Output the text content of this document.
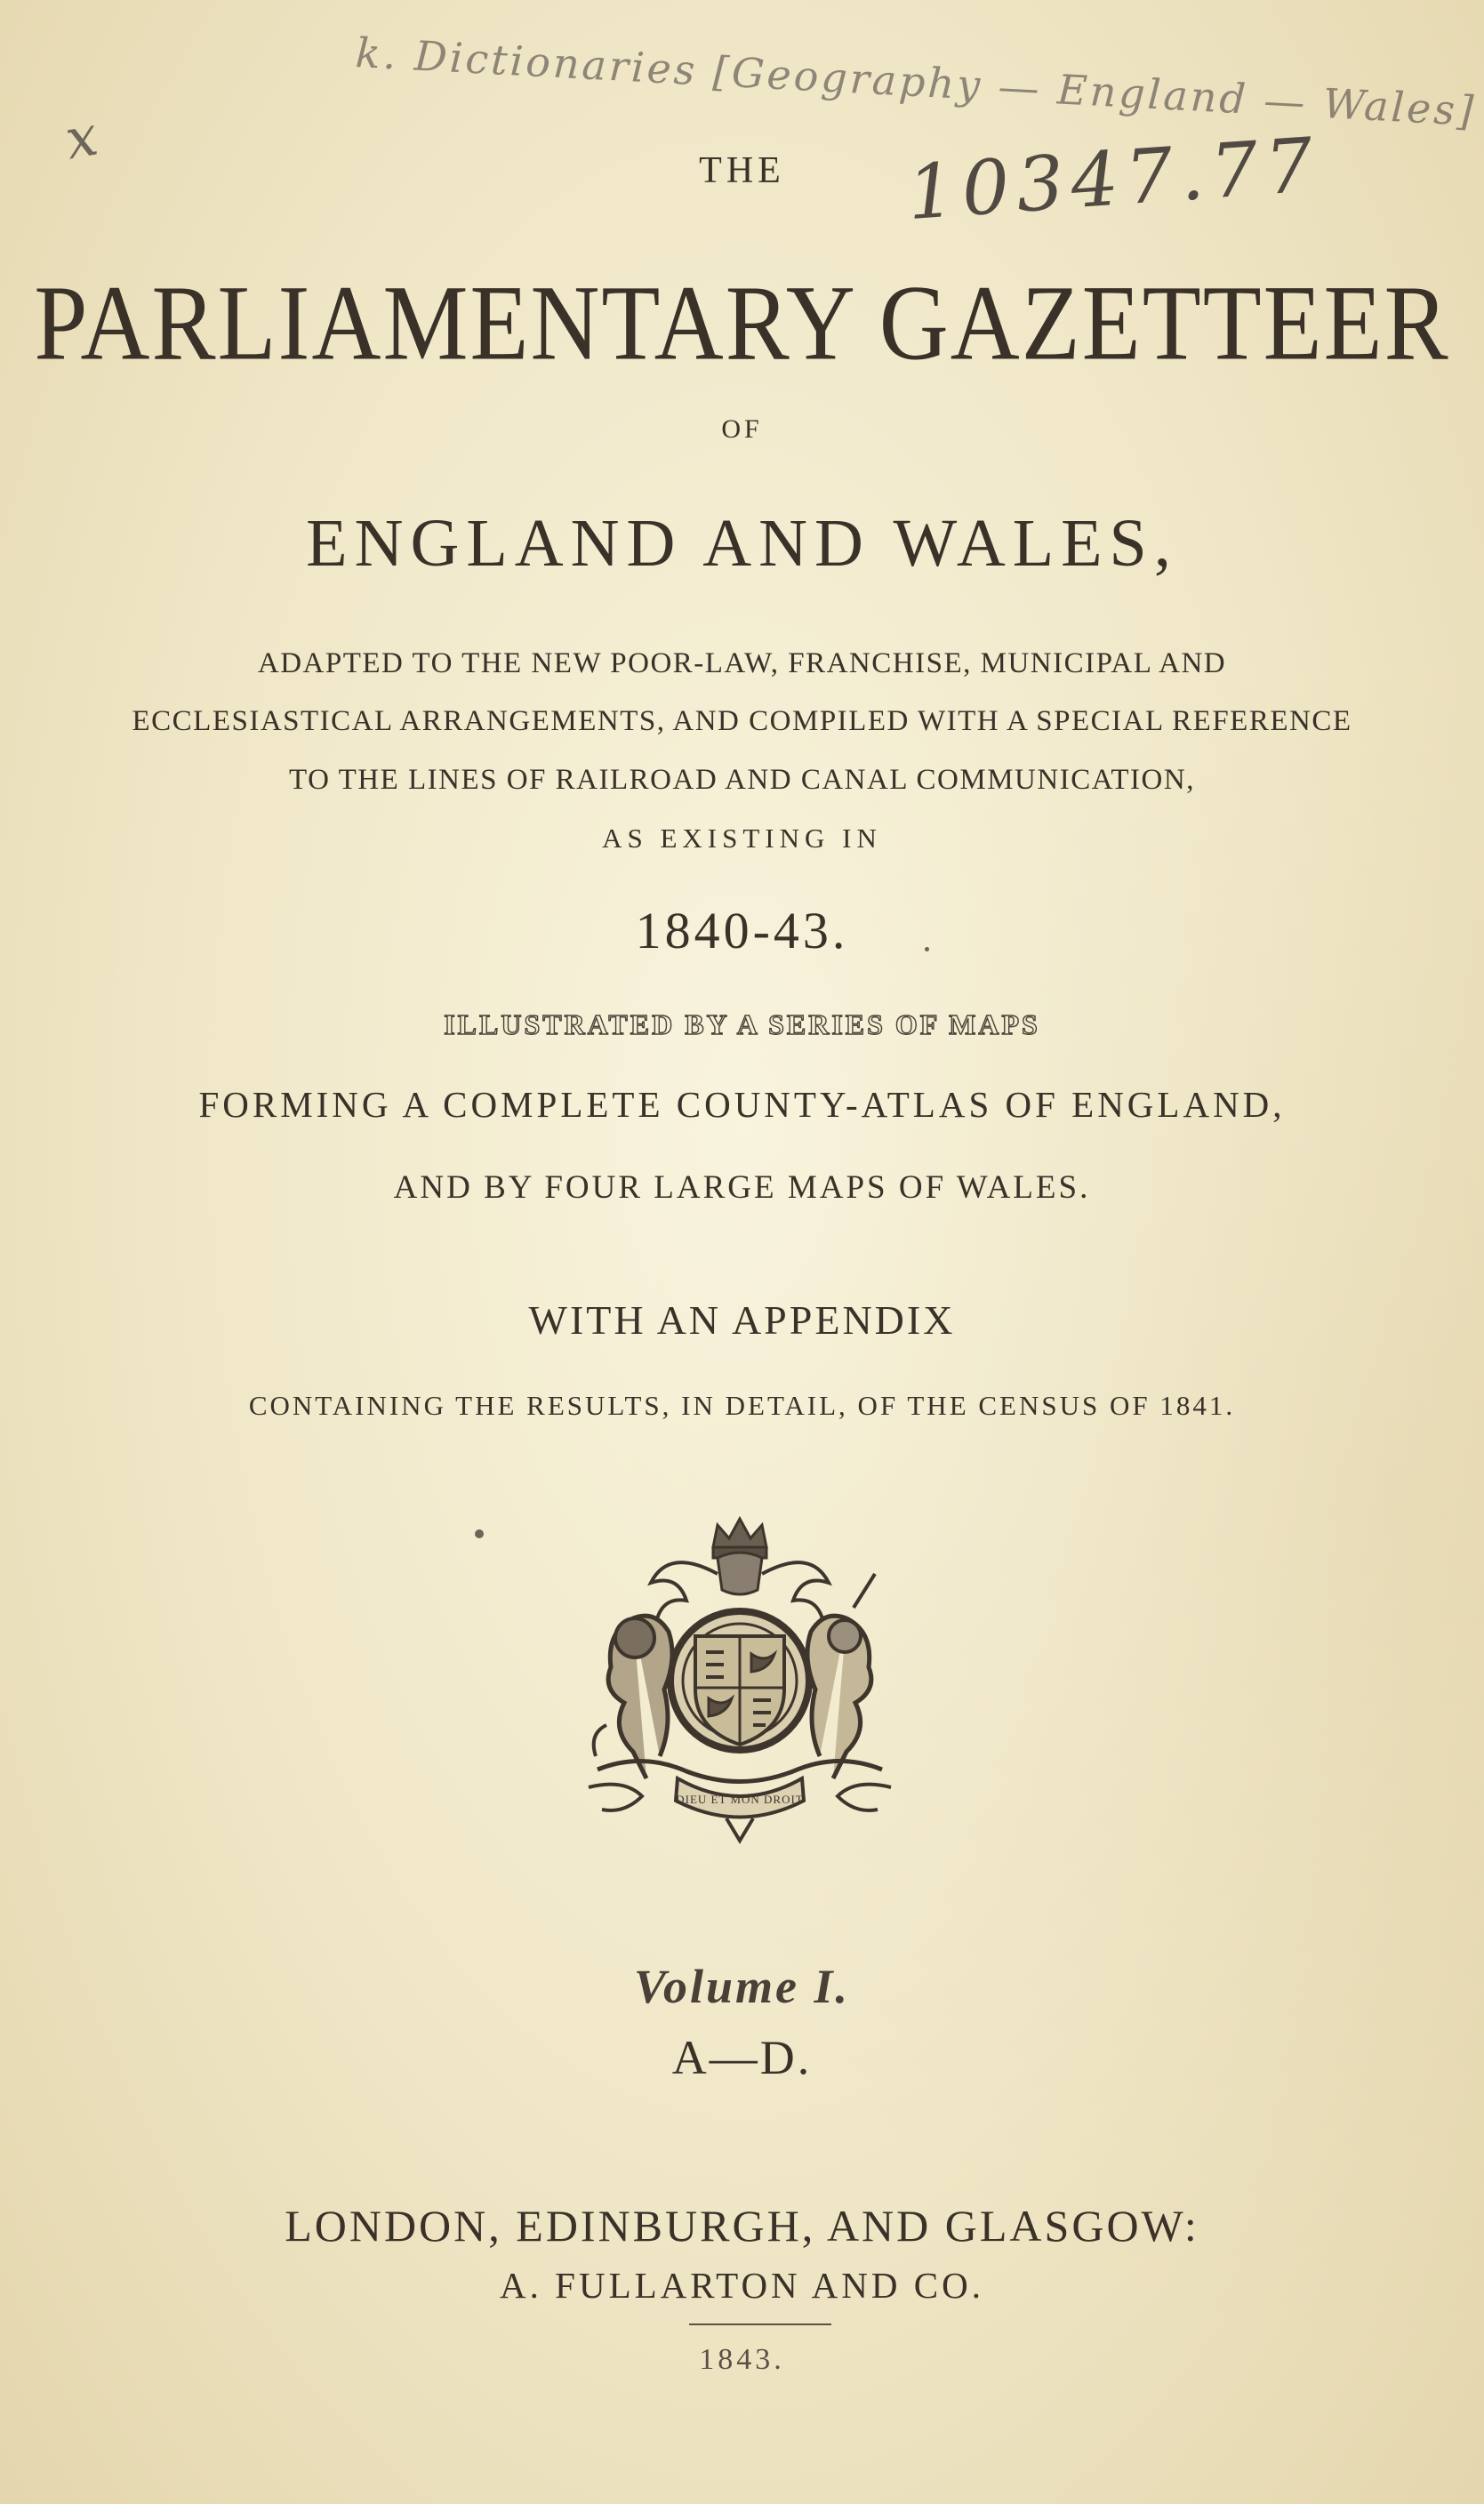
k. Dictionaries [Geography — England — Wales]
x	10347.77
THE
PARLIAMENTARY GAZETTEER
OF
ENGLAND AND WALES,
ADAPTED TO THE NEW POOR-LAW, FRANCHISE, MUNICIPAL AND
ECCLESIASTICAL ARRANGEMENTS, AND COMPILED WITH A SPECIAL REFERENCE
TO THE LINES OF RAILROAD AND CANAL COMMUNICATION,
AS EXISTING IN
1840-43.
ILLUSTRATED BY A SERIES OF MAPS
FORMING A COMPLETE COUNTY-ATLAS OF ENGLAND,
AND BY FOUR LARGE MAPS OF WALES.
WITH AN APPENDIX
CONTAINING THE RESULTS, IN DETAIL, OF THE CENSUS OF 1841.
DIEU ET MON DROIT
Volume I.
A—D.
LONDON, EDINBURGH, AND GLASGOW:
A. FULLARTON AND CO.
1843.
